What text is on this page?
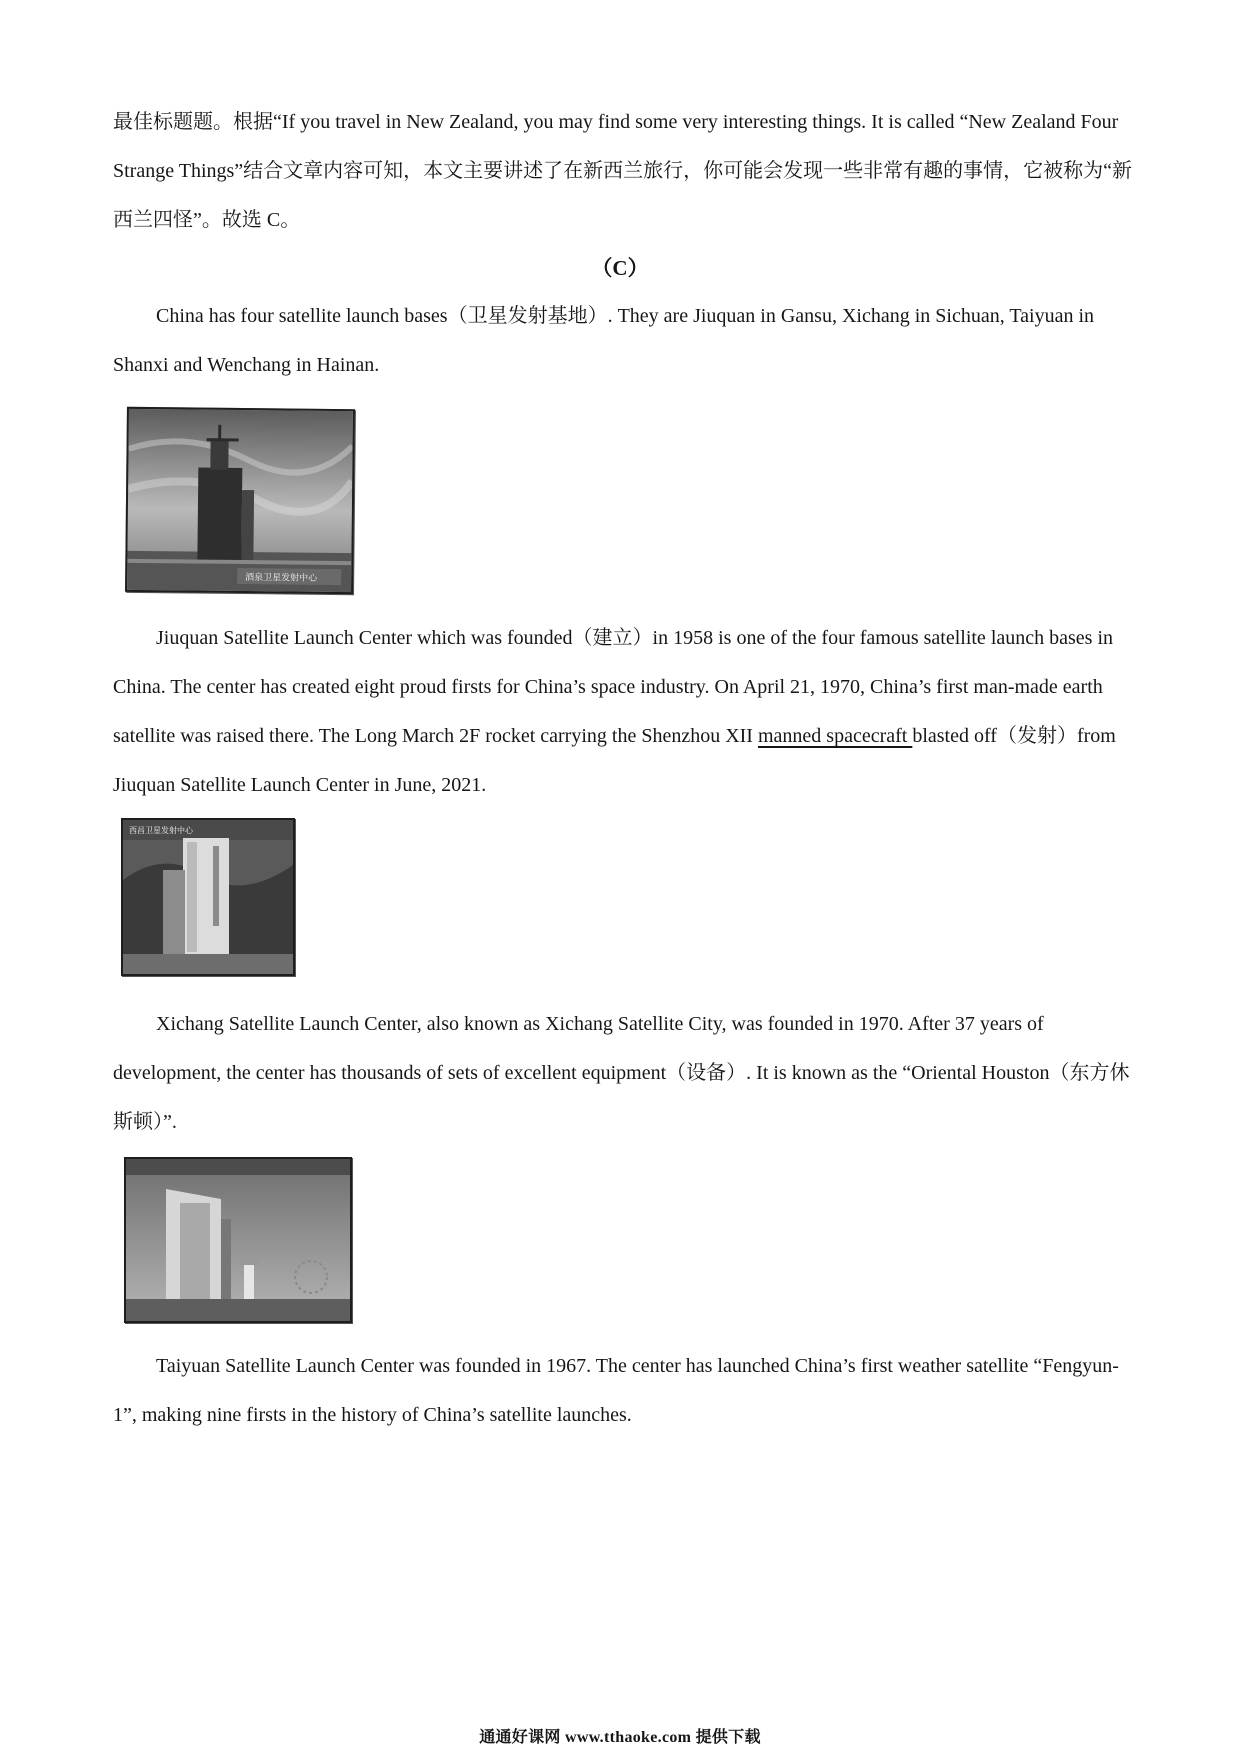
最佳标题题。根据“If you travel in New Zealand, you may find some very interesting things. It is called “New Zealand Four Strange Things”结合文章内容可知，本文主要讲述了在新西兰旅行，你可能会发现一些非常有趣的事情，它被称为“新西兰四怪”。故选 C。

（C）

China has four satellite launch bases（卫星发射基地）. They are Jiuquan in Gansu, Xichang in Sichuan, Taiyuan in Shanxi and Wenchang in Hainan.

酒泉卫星发射中心

Jiuquan Satellite Launch Center which was founded（建立）in 1958 is one of the four famous satellite launch bases in China. The center has created eight proud firsts for China’s space industry. On April 21, 1970, China’s first man-made earth satellite was raised there. The Long March 2F rocket carrying the Shenzhou XII manned spacecraft blasted off（发射）from Jiuquan Satellite Launch Center in June, 2021.

西昌卫星发射中心

Xichang Satellite Launch Center, also known as Xichang Satellite City, was founded in 1970. After 37 years of development, the center has thousands of sets of excellent equipment（设备）. It is known as the “Oriental Houston（东方休斯顿）”.

Taiyuan Satellite Launch Center was founded in 1967. The center has launched China’s first weather satellite “Fengyun-1”, making nine firsts in the history of China’s satellite launches.

通通好课网 www.tthaoke.com 提供下载
